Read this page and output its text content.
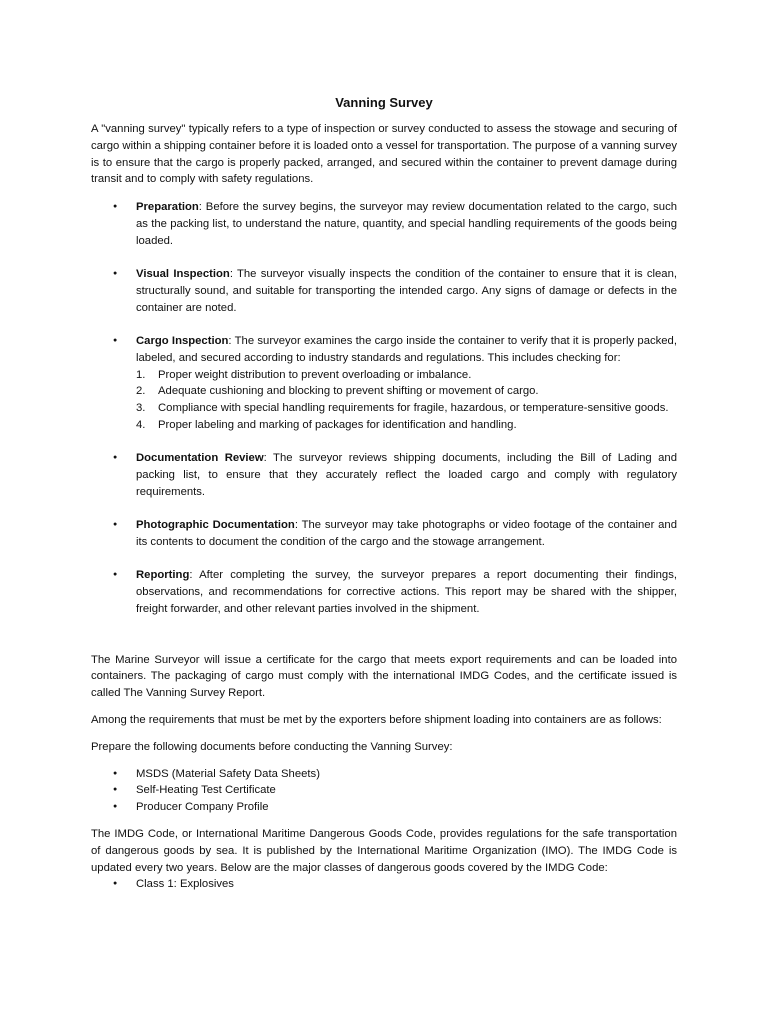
Vanning Survey

A "vanning survey" typically refers to a type of inspection or survey conducted to assess the stowage and securing of cargo within a shipping container before it is loaded onto a vessel for transportation. The purpose of a vanning survey is to ensure that the cargo is properly packed, arranged, and secured within the container to prevent damage during transit and to comply with safety regulations.

● Preparation: Before the survey begins, the surveyor may review documentation related to the cargo, such as the packing list, to understand the nature, quantity, and special handling requirements of the goods being loaded.
● Visual Inspection: The surveyor visually inspects the condition of the container to ensure that it is clean, structurally sound, and suitable for transporting the intended cargo. Any signs of damage or defects in the container are noted.
● Cargo Inspection: The surveyor examines the cargo inside the container to verify that it is properly packed, labeled, and secured according to industry standards and regulations. This includes checking for:
1. Proper weight distribution to prevent overloading or imbalance.
2. Adequate cushioning and blocking to prevent shifting or movement of cargo.
3. Compliance with special handling requirements for fragile, hazardous, or temperature-sensitive goods.
4. Proper labeling and marking of packages for identification and handling.
● Documentation Review: The surveyor reviews shipping documents, including the Bill of Lading and packing list, to ensure that they accurately reflect the loaded cargo and comply with regulatory requirements.
● Photographic Documentation: The surveyor may take photographs or video footage of the container and its contents to document the condition of the cargo and the stowage arrangement.
● Reporting: After completing the survey, the surveyor prepares a report documenting their findings, observations, and recommendations for corrective actions. This report may be shared with the shipper, freight forwarder, and other relevant parties involved in the shipment.

The Marine Surveyor will issue a certificate for the cargo that meets export requirements and can be loaded into containers. The packaging of cargo must comply with the international IMDG Codes, and the certificate issued is called The Vanning Survey Report.

Among the requirements that must be met by the exporters before shipment loading into containers are as follows:

Prepare the following documents before conducting the Vanning Survey:

● MSDS (Material Safety Data Sheets)
● Self-Heating Test Certificate
● Producer Company Profile

The IMDG Code, or International Maritime Dangerous Goods Code, provides regulations for the safe transportation of dangerous goods by sea. It is published by the International Maritime Organization (IMO). The IMDG Code is updated every two years. Below are the major classes of dangerous goods covered by the IMDG Code:

● Class 1: Explosives
